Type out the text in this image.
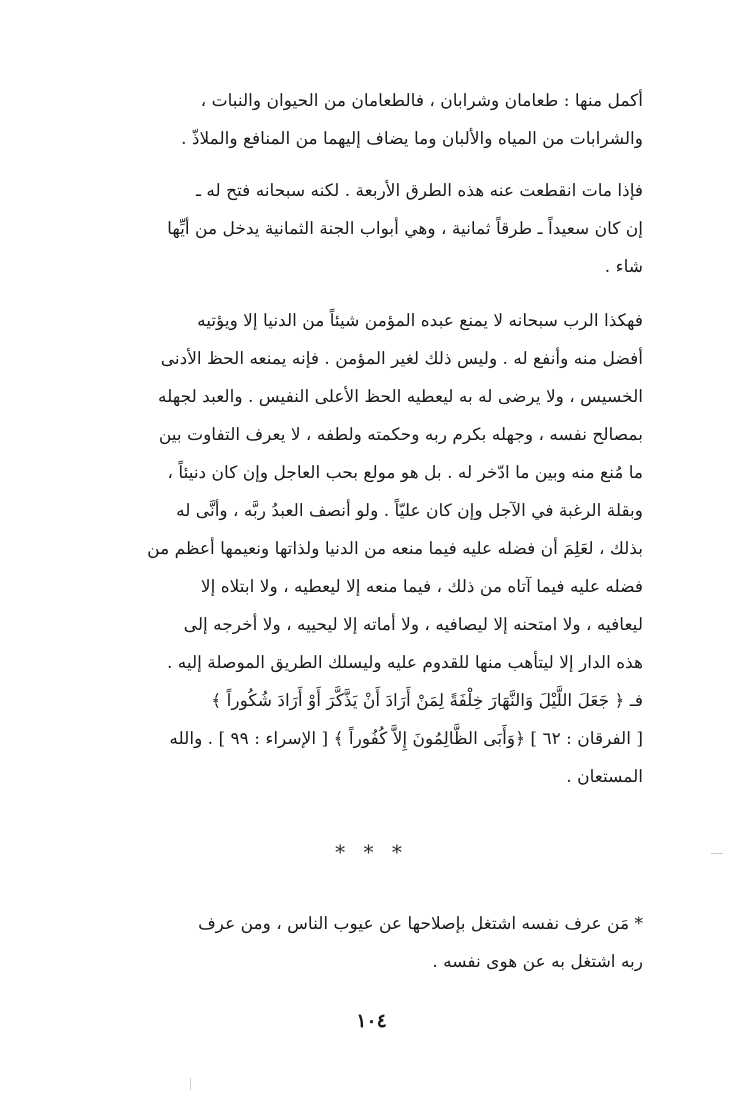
أكمل منها : طعامان وشرابان ، فالطعامان من الحيوان والنبات ،
والشرابات من المياه والألبان وما يضاف إليهما من المنافع والملاذّ .
فإذا مات انقطعت عنه هذه الطرق الأربعة . لكنه سبحانه فتح له ـ
إن كان سعيداً ـ طرقاً ثمانية ، وهي أبواب الجنة الثمانية يدخل من أيِّها
شاء .
فهكذا الرب سبحانه لا يمنع عبده المؤمن شيئاً من الدنيا إلا ويؤتيه
أفضل منه وأنفع له . وليس ذلك لغير المؤمن . فإنه يمنعه الحظ الأدنى
الخسيس ، ولا يرضى له به ليعطيه الحظ الأعلى النفيس . والعبد لجهله
بمصالح نفسه ، وجهله بكرم ربه وحكمته ولطفه ، لا يعرف التفاوت بين
ما مُنع منه وبين ما ادّخر له . بل هو مولع بحب العاجل وإن كان دنيئاً ،
وبقلة الرغبة في الآجل وإن كان عليّاً . ولو أنصف العبدُ ربَّه ، وأنَّى له
بذلك ، لعَلِمَ أن فضله عليه فيما منعه من الدنيا ولذاتها ونعيمها أعظم من
فضله عليه فيما آتاه من ذلك ، فيما منعه إلا ليعطيه ، ولا ابتلاه إلا
ليعافيه ، ولا امتحنه إلا ليصافيه ، ولا أماته إلا ليحييه ، ولا أخرجه إلى
هذه الدار إلا ليتأهب منها للقدوم عليه وليسلك الطريق الموصلة إليه .
فـ ﴿ جَعَلَ اللَّيْلَ وَالنَّهَارَ خِلْفَةً لِمَنْ أَرَادَ أَنْ يَذَّكَّرَ أَوْ أَرَادَ شُكُوراً ﴾
[ الفرقان : ٦٢ ] ﴿وَأَبَى الظَّالِمُونَ إِلاَّ كُفُوراً ﴾ [ الإسراء : ٩٩ ] . والله
المستعان .
* * *
* مَن عرف نفسه اشتغل بإصلاحها عن عيوب الناس ، ومن عرف
ربه اشتغل به عن هوى نفسه .
١٠٤
